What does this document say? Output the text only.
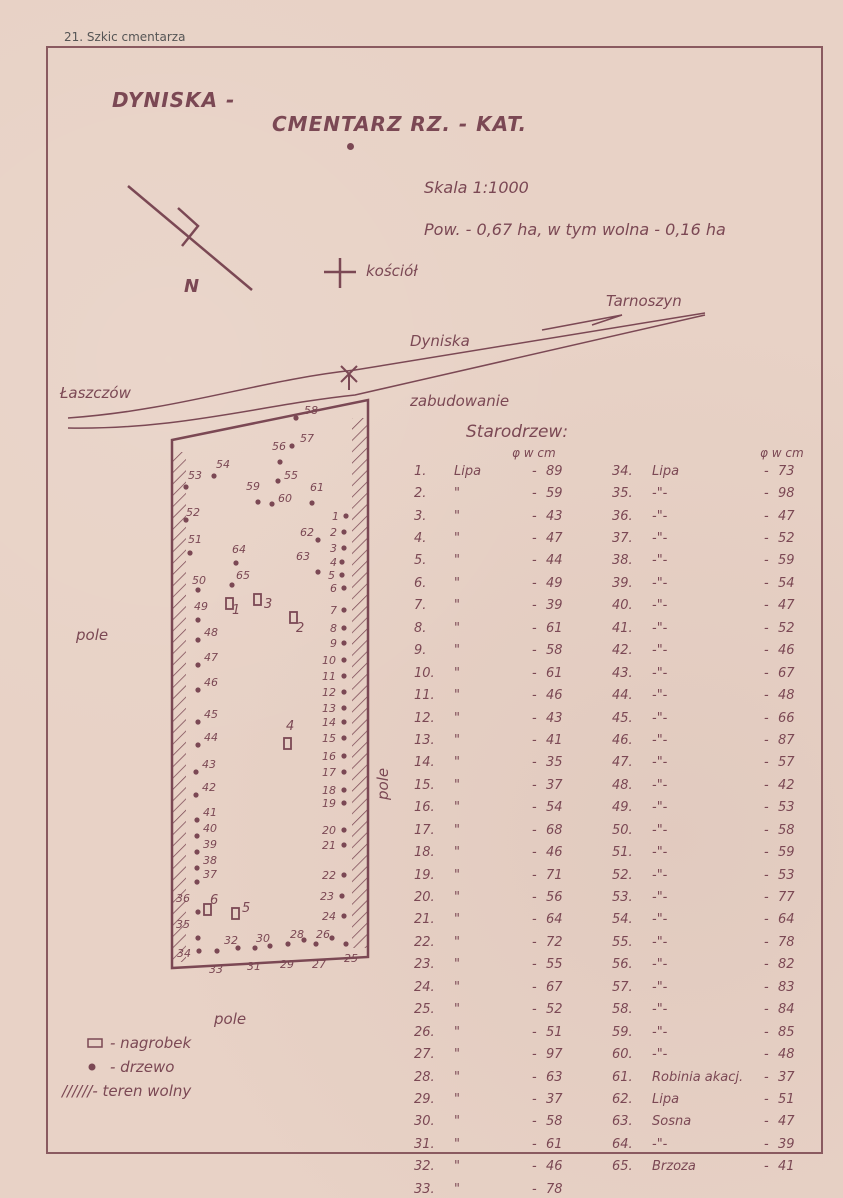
21. Szkic cmentarza
DYNISKA -
CMENTARZ RZ. - KAT.
Skala 1:1000
Pow. - 0,67 ha, w tym wolna - 0,16 ha
1
2
3
4
5
6
7
8
9
10
11
12
13
14
15
16
17
18
19
20
21
22
23
24
25
26
27
28
29
30
31
32
33
34
35
36
37
38
39
40
41
42
43
44
45
46
47
48
49
50
51
52
53
54
55
56
57
58
59
60
61
62
63
64
65
1
2
3
4
5
6
kościół
Tarnoszyn
Dyniska
Łaszczów	zabudowanie
pole
pole
pole
N
- nagrobek
- drzewo
//////- teren wolny
Starodrzew:
φ w cm	φ w cm
1.	Lipa	-	89
2.	"	-	59
3.	"	-	43
4.	"	-	47
5.	"	-	44
6.	"	-	49
7.	"	-	39
8.	"	-	61
9.	"	-	58
10.	"	-	61
11.	"	-	46
12.	"	-	43
13.	"	-	41
14.	"	-	35
15.	"	-	37
16.	"	-	54
17.	"	-	68
18.	"	-	46
19.	"	-	71
20.	"	-	56
21.	"	-	64
22.	"	-	72
23.	"	-	55
24.	"	-	67
25.	"	-	52
26.	"	-	51
27.	"	-	97
28.	"	-	63
29.	"	-	37
30.	"	-	58
31.	"	-	61
32.	"	-	46
33.	"	-	78
34.	Lipa	-	73
35.	-"-	-	98
36.	-"-	-	47
37.	-"-	-	52
38.	-"-	-	59
39.	-"-	-	54
40.	-"-	-	47
41.	-"-	-	52
42.	-"-	-	46
43.	-"-	-	67
44.	-"-	-	48
45.	-"-	-	66
46.	-"-	-	87
47.	-"-	-	57
48.	-"-	-	42
49.	-"-	-	53
50.	-"-	-	58
51.	-"-	-	59
52.	-"-	-	53
53.	-"-	-	77
54.	-"-	-	64
55.	-"-	-	78
56.	-"-	-	82
57.	-"-	-	83
58.	-"-	-	84
59.	-"-	-	85
60.	-"-	-	48
61.	Robinia akacj.	-	37
62.	Lipa	-	51
63.	Sosna	-	47
64.	-"-	-	39
65.	Brzoza	-	41
